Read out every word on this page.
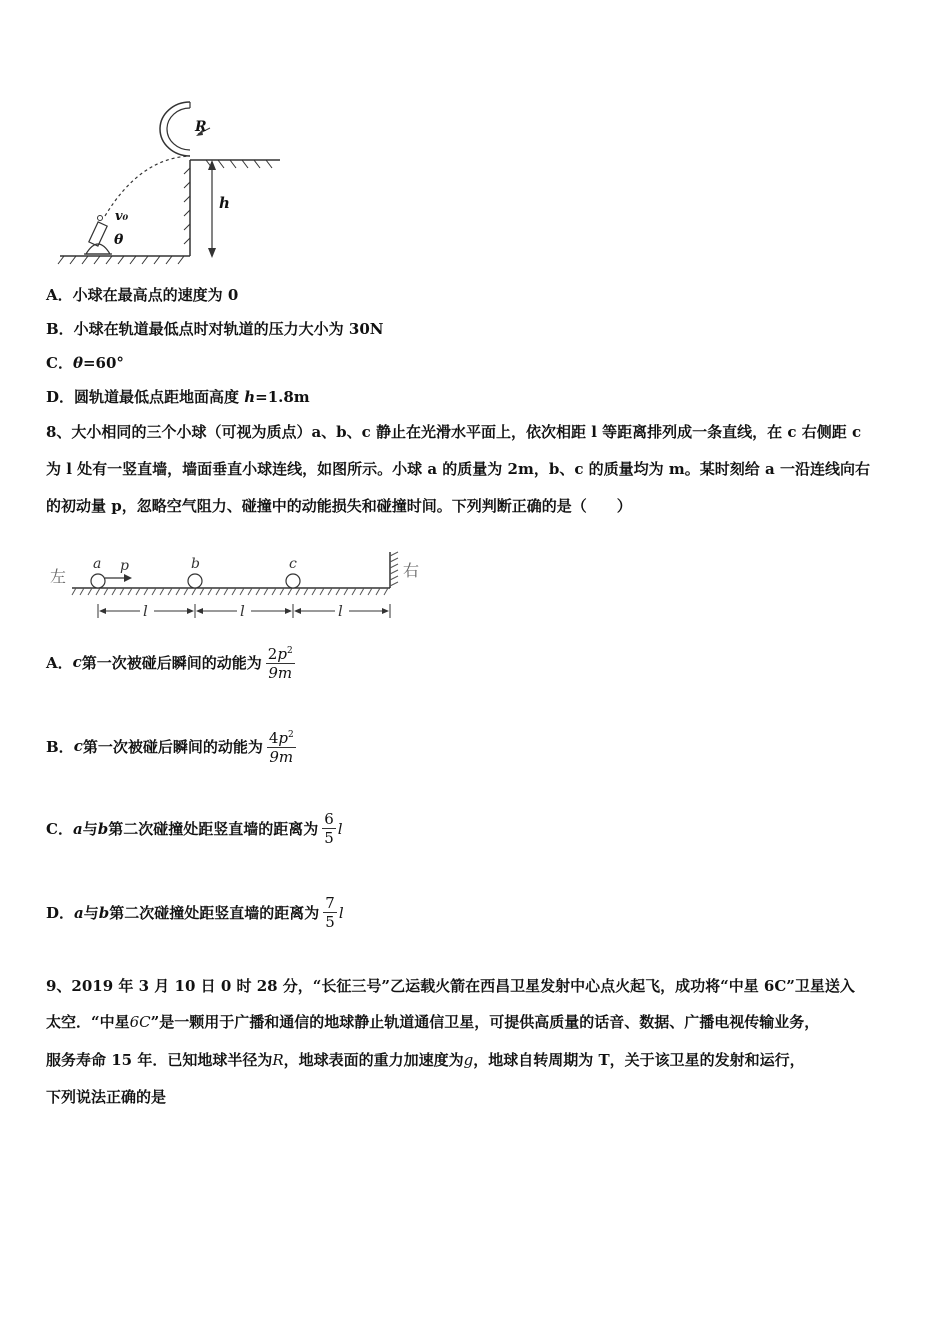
R
v₀
θ
h
A．小球在最高点的速度为 0
B．小球在轨道最低点时对轨道的压力大小为 30N
C．θ=60°
D．圆轨道最低点距地面高度 h=1.8m
8、大小相同的三个小球（可视为质点）a、b、c 静止在光滑水平面上，依次相距 l 等距离排列成一条直线，在 c 右侧距 c
为 l 处有一竖直墙，墙面垂直小球连线，如图所示。小球 a 的质量为 2m，b、c 的质量均为 m。某时刻给 a 一沿连线向右
的初动量 p，忽略空气阻力、碰撞中的动能损失和碰撞时间。下列判断正确的是（　　）
左	右
a	b	c
p
l	l	l
A． c 第一次被碰后瞬间的动能为 $\frac{2p^2}{9m}$
B． c 第一次被碰后瞬间的动能为 $\frac{4p^2}{9m}$
C． a 与 b 第二次碰撞处距竖直墙的距离为 $\frac{6}{5}$ l
D． a 与 b 第二次碰撞处距竖直墙的距离为 $\frac{7}{5}$ l
9、2019 年 3 月 10 日 0 时 28 分，“长征三号”乙运载火箭在西昌卫星发射中心点火起飞，成功将“中星 6C”卫星送入
太空．“中星6C”是一颗用于广播和通信的地球静止轨道通信卫星，可提供高质量的话音、数据、广播电视传输业务，
服务寿命 15 年．已知地球半径为R，地球表面的重力加速度为g，地球自转周期为 T，关于该卫星的发射和运行，
下列说法正确的是
